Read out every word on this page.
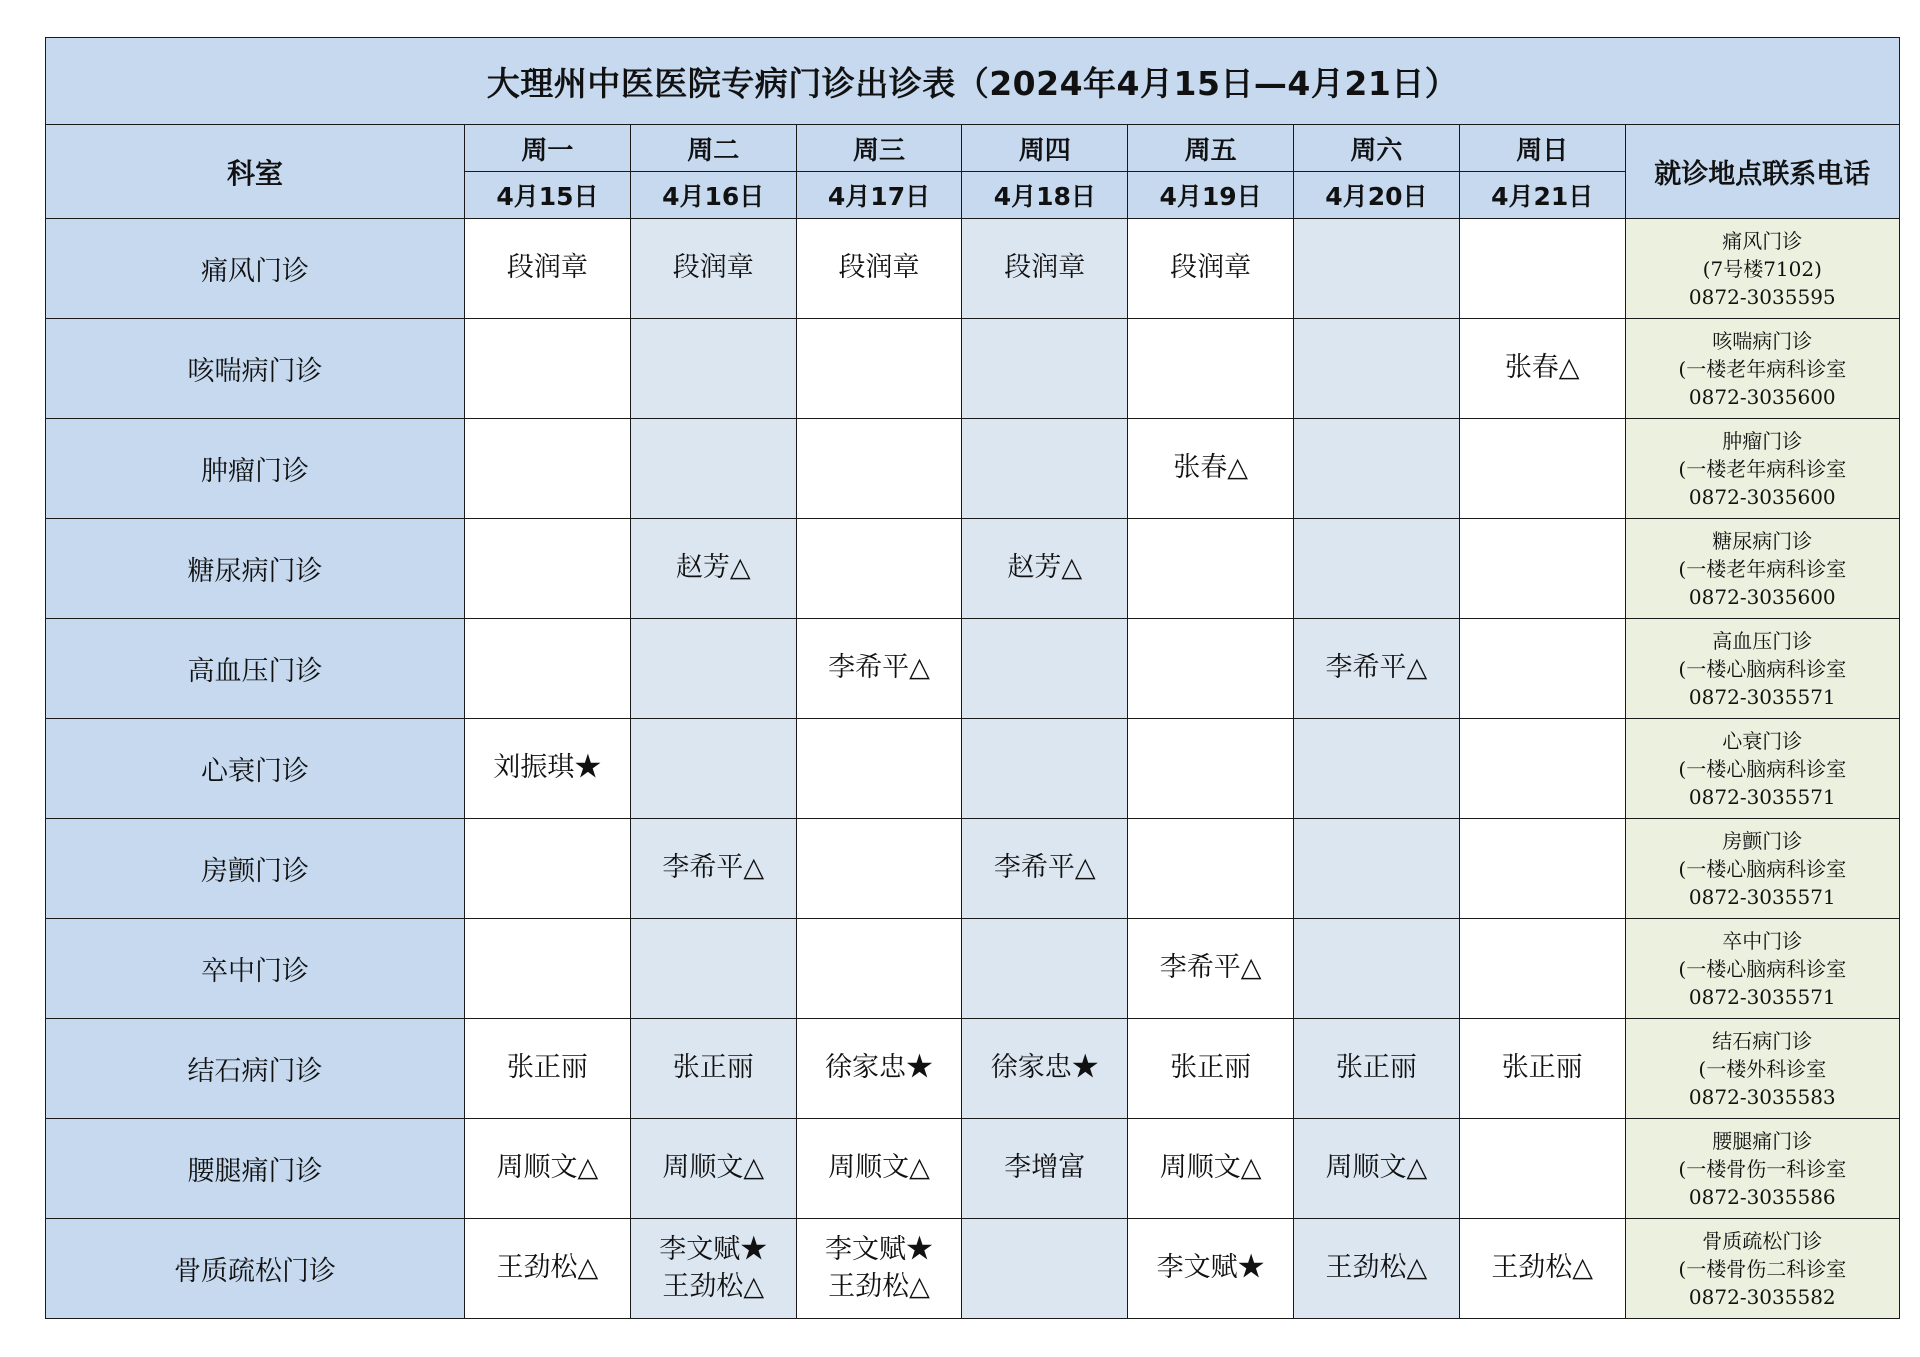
大理州中医医院专病门诊出诊表（2024年4月15日—4月21日）								
科室	周一	周二	周三	周四	周五	周六	周日	就诊地点联系电话
	4月15日	4月16日	4月17日	4月18日	4月19日	4月20日	4月21日	
痛风门诊	段润章	段润章	段润章	段润章	段润章			痛风门诊
(7号楼7102)
0872-3035595

咳喘病门诊							张春△	咳喘病门诊
(一楼老年病科诊室
0872-3035600

肿瘤门诊					张春△			肿瘤门诊
(一楼老年病科诊室
0872-3035600

糖尿病门诊		赵芳△		赵芳△				糖尿病门诊
(一楼老年病科诊室
0872-3035600

高血压门诊			李希平△			李希平△		高血压门诊
(一楼心脑病科诊室
0872-3035571

心衰门诊	刘振琪★							心衰门诊
(一楼心脑病科诊室
0872-3035571

房颤门诊		李希平△		李希平△				房颤门诊
(一楼心脑病科诊室
0872-3035571

卒中门诊					李希平△			卒中门诊
(一楼心脑病科诊室
0872-3035571

结石病门诊	张正丽	张正丽	徐家忠★	徐家忠★	张正丽	张正丽	张正丽	结石病门诊
(一楼外科诊室
0872-3035583

腰腿痛门诊	周顺文△	周顺文△	周顺文△	李增富	周顺文△	周顺文△		腰腿痛门诊
(一楼骨伤一科诊室
0872-3035586

骨质疏松门诊	王劲松△	李文赋★
王劲松△	李文赋★
王劲松△		李文赋★	王劲松△	王劲松△	骨质疏松门诊
(一楼骨伤二科诊室
0872-3035582
